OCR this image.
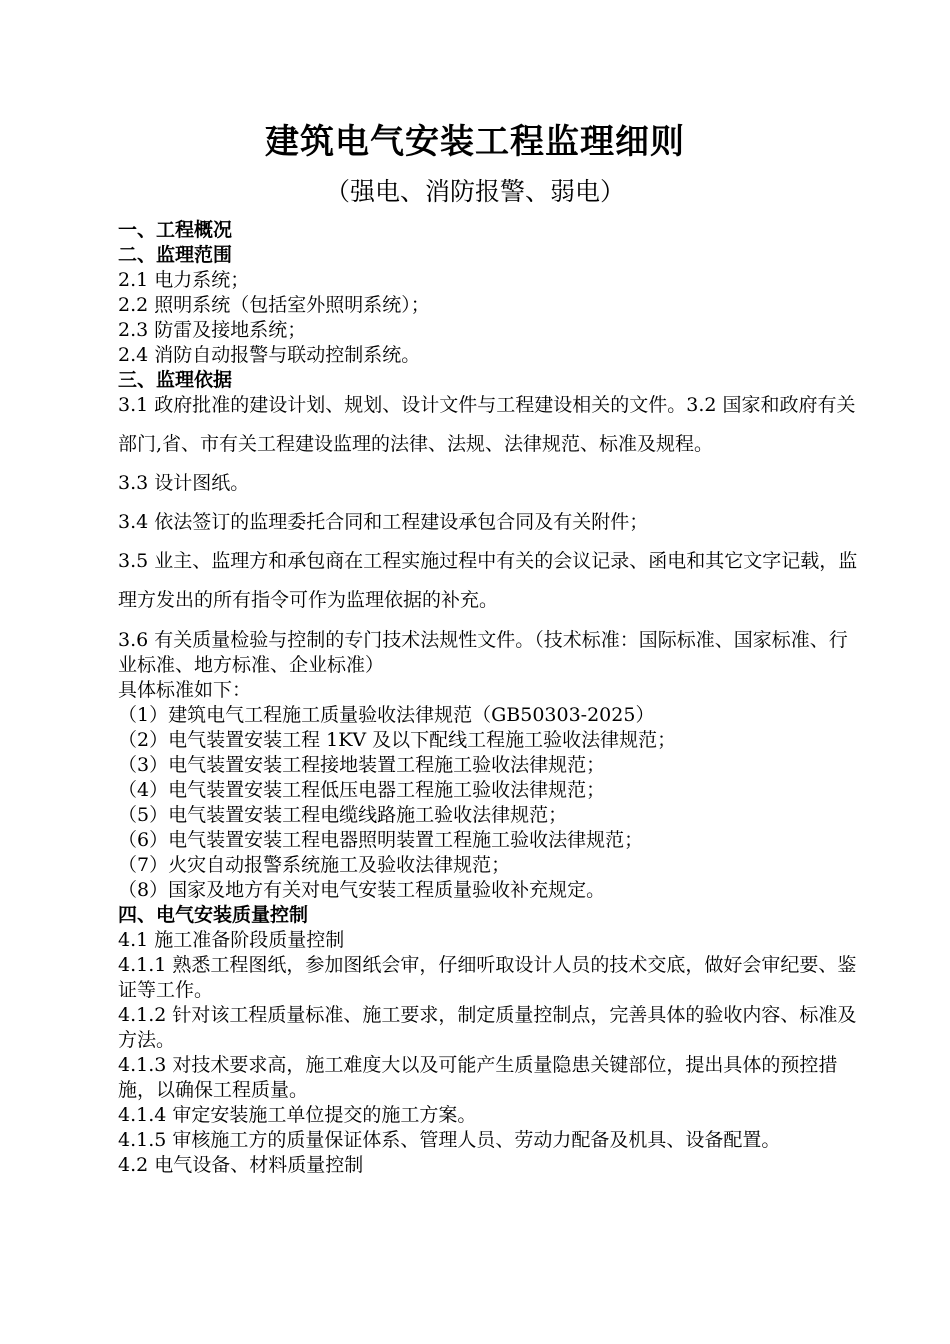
建筑电气安装工程监理细则
（强电、消防报警、弱电）
一、工程概况
二、监理范围
2.1 电力系统；
2.2 照明系统（包括室外照明系统）；
2.3 防雷及接地系统；
2.4 消防自动报警与联动控制系统。
三、监理依据
3.1 政府批准的建设计划、规划、设计文件与工程建设相关的文件。3.2 国家和政府有关部门,省、市有关工程建设监理的法律、法规、法律规范、标准及规程。
3.3 设计图纸。
3.4 依法签订的监理委托合同和工程建设承包合同及有关附件；
3.5 业主、监理方和承包商在工程实施过程中有关的会议记录、函电和其它文字记载，监理方发出的所有指令可作为监理依据的补充。
3.6 有关质量检验与控制的专门技术法规性文件。（技术标准：国际标准、国家标准、行业标准、地方标准、企业标准）
具体标准如下：
（1）建筑电气工程施工质量验收法律规范（GB50303-2025）
（2）电气装置安装工程 1KV 及以下配线工程施工验收法律规范；
（3）电气装置安装工程接地装置工程施工验收法律规范；
（4）电气装置安装工程低压电器工程施工验收法律规范；
（5）电气装置安装工程电缆线路施工验收法律规范；
（6）电气装置安装工程电器照明装置工程施工验收法律规范；
（7）火灾自动报警系统施工及验收法律规范；
（8）国家及地方有关对电气安装工程质量验收补充规定。
四、电气安装质量控制
4.1 施工准备阶段质量控制
4.1.1 熟悉工程图纸，参加图纸会审，仔细听取设计人员的技术交底，做好会审纪要、鉴证等工作。
4.1.2 针对该工程质量标准、施工要求，制定质量控制点，完善具体的验收内容、标准及方法。
4.1.3 对技术要求高，施工难度大以及可能产生质量隐患关键部位，提出具体的预控措施，以确保工程质量。
4.1.4 审定安装施工单位提交的施工方案。
4.1.5 审核施工方的质量保证体系、管理人员、劳动力配备及机具、设备配置。
4.2 电气设备、材料质量控制
